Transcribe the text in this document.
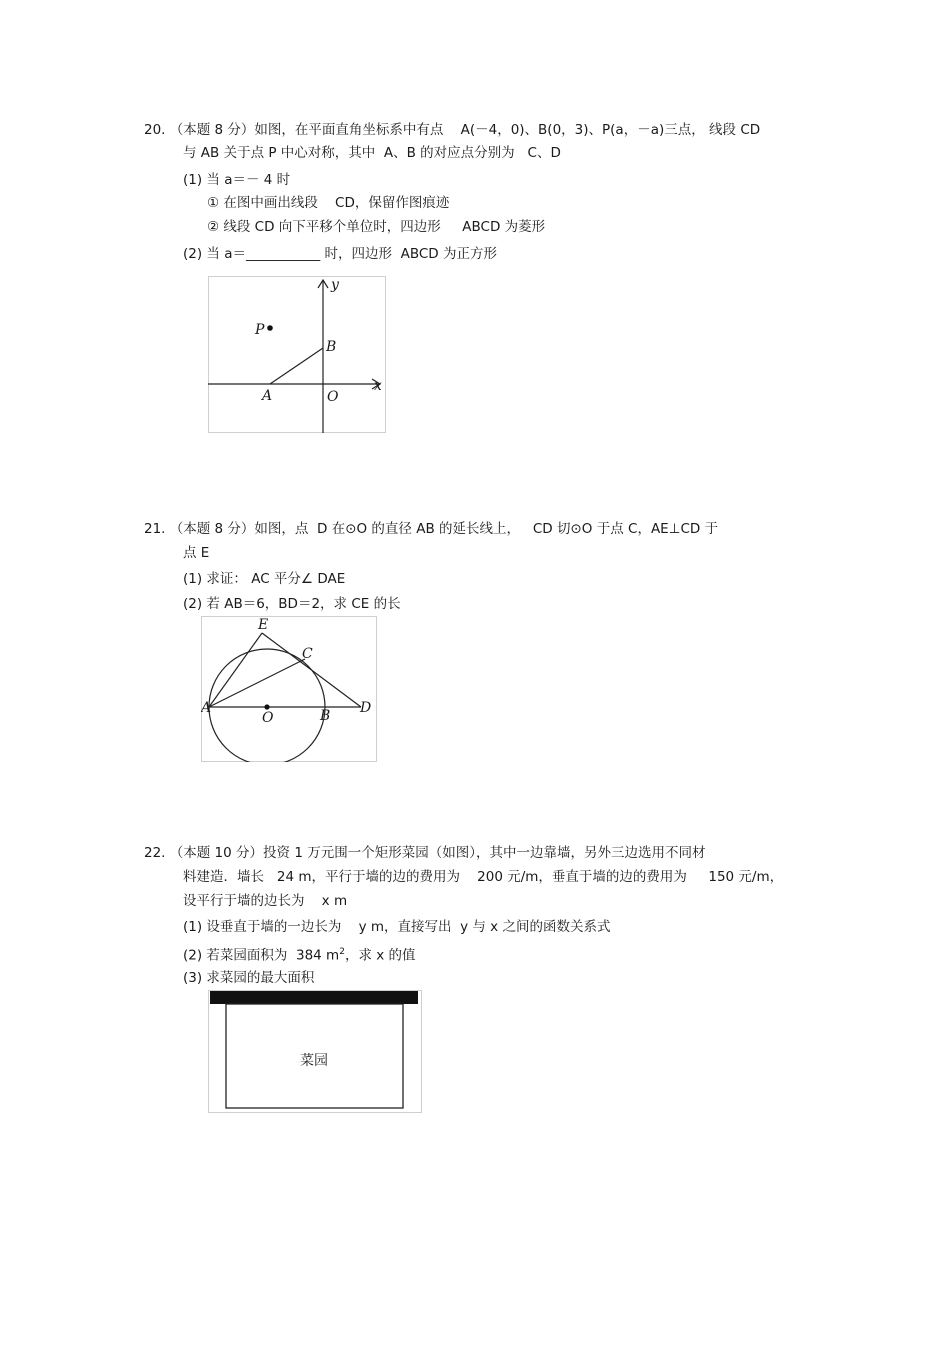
20. （本题 8 分）如图，在平面直角坐标系中有点    A(－4，0)、B(0，3)、P(a，－a)三点， 线段 CD
与 AB 关于点 P 中心对称，其中  A、B 的对应点分别为   C、D
(1) 当 a＝－ 4 时
① 在图中画出线段    CD，保留作图痕迹
② 线段 CD 向下平移个单位时，四边形     ABCD 为菱形
(2) 当 a＝___________ 时，四边形  ABCD 为正方形
P
B
A	O
x
y
21. （本题 8 分）如图，点  D 在⊙O 的直径 AB 的延长线上，   CD 切⊙O 于点 C，AE⊥CD 于
点 E
(1) 求证： AC 平分∠ DAE
(2) 若 AB＝6，BD＝2，求 CE 的长
E
C
A
O	B D
22. （本题 10 分）投资 1 万元围一个矩形菜园（如图），其中一边靠墙，另外三边选用不同材
料建造．墙长   24 m，平行于墙的边的费用为    200 元/m，垂直于墙的边的费用为     150 元/m，
设平行于墙的边长为    x m
(1) 设垂直于墙的一边长为    y m，直接写出  y 与 x 之间的函数关系式
(2) 若菜园面积为  384 $m^2$，求 x 的值
(3) 求菜园的最大面积
菜园
